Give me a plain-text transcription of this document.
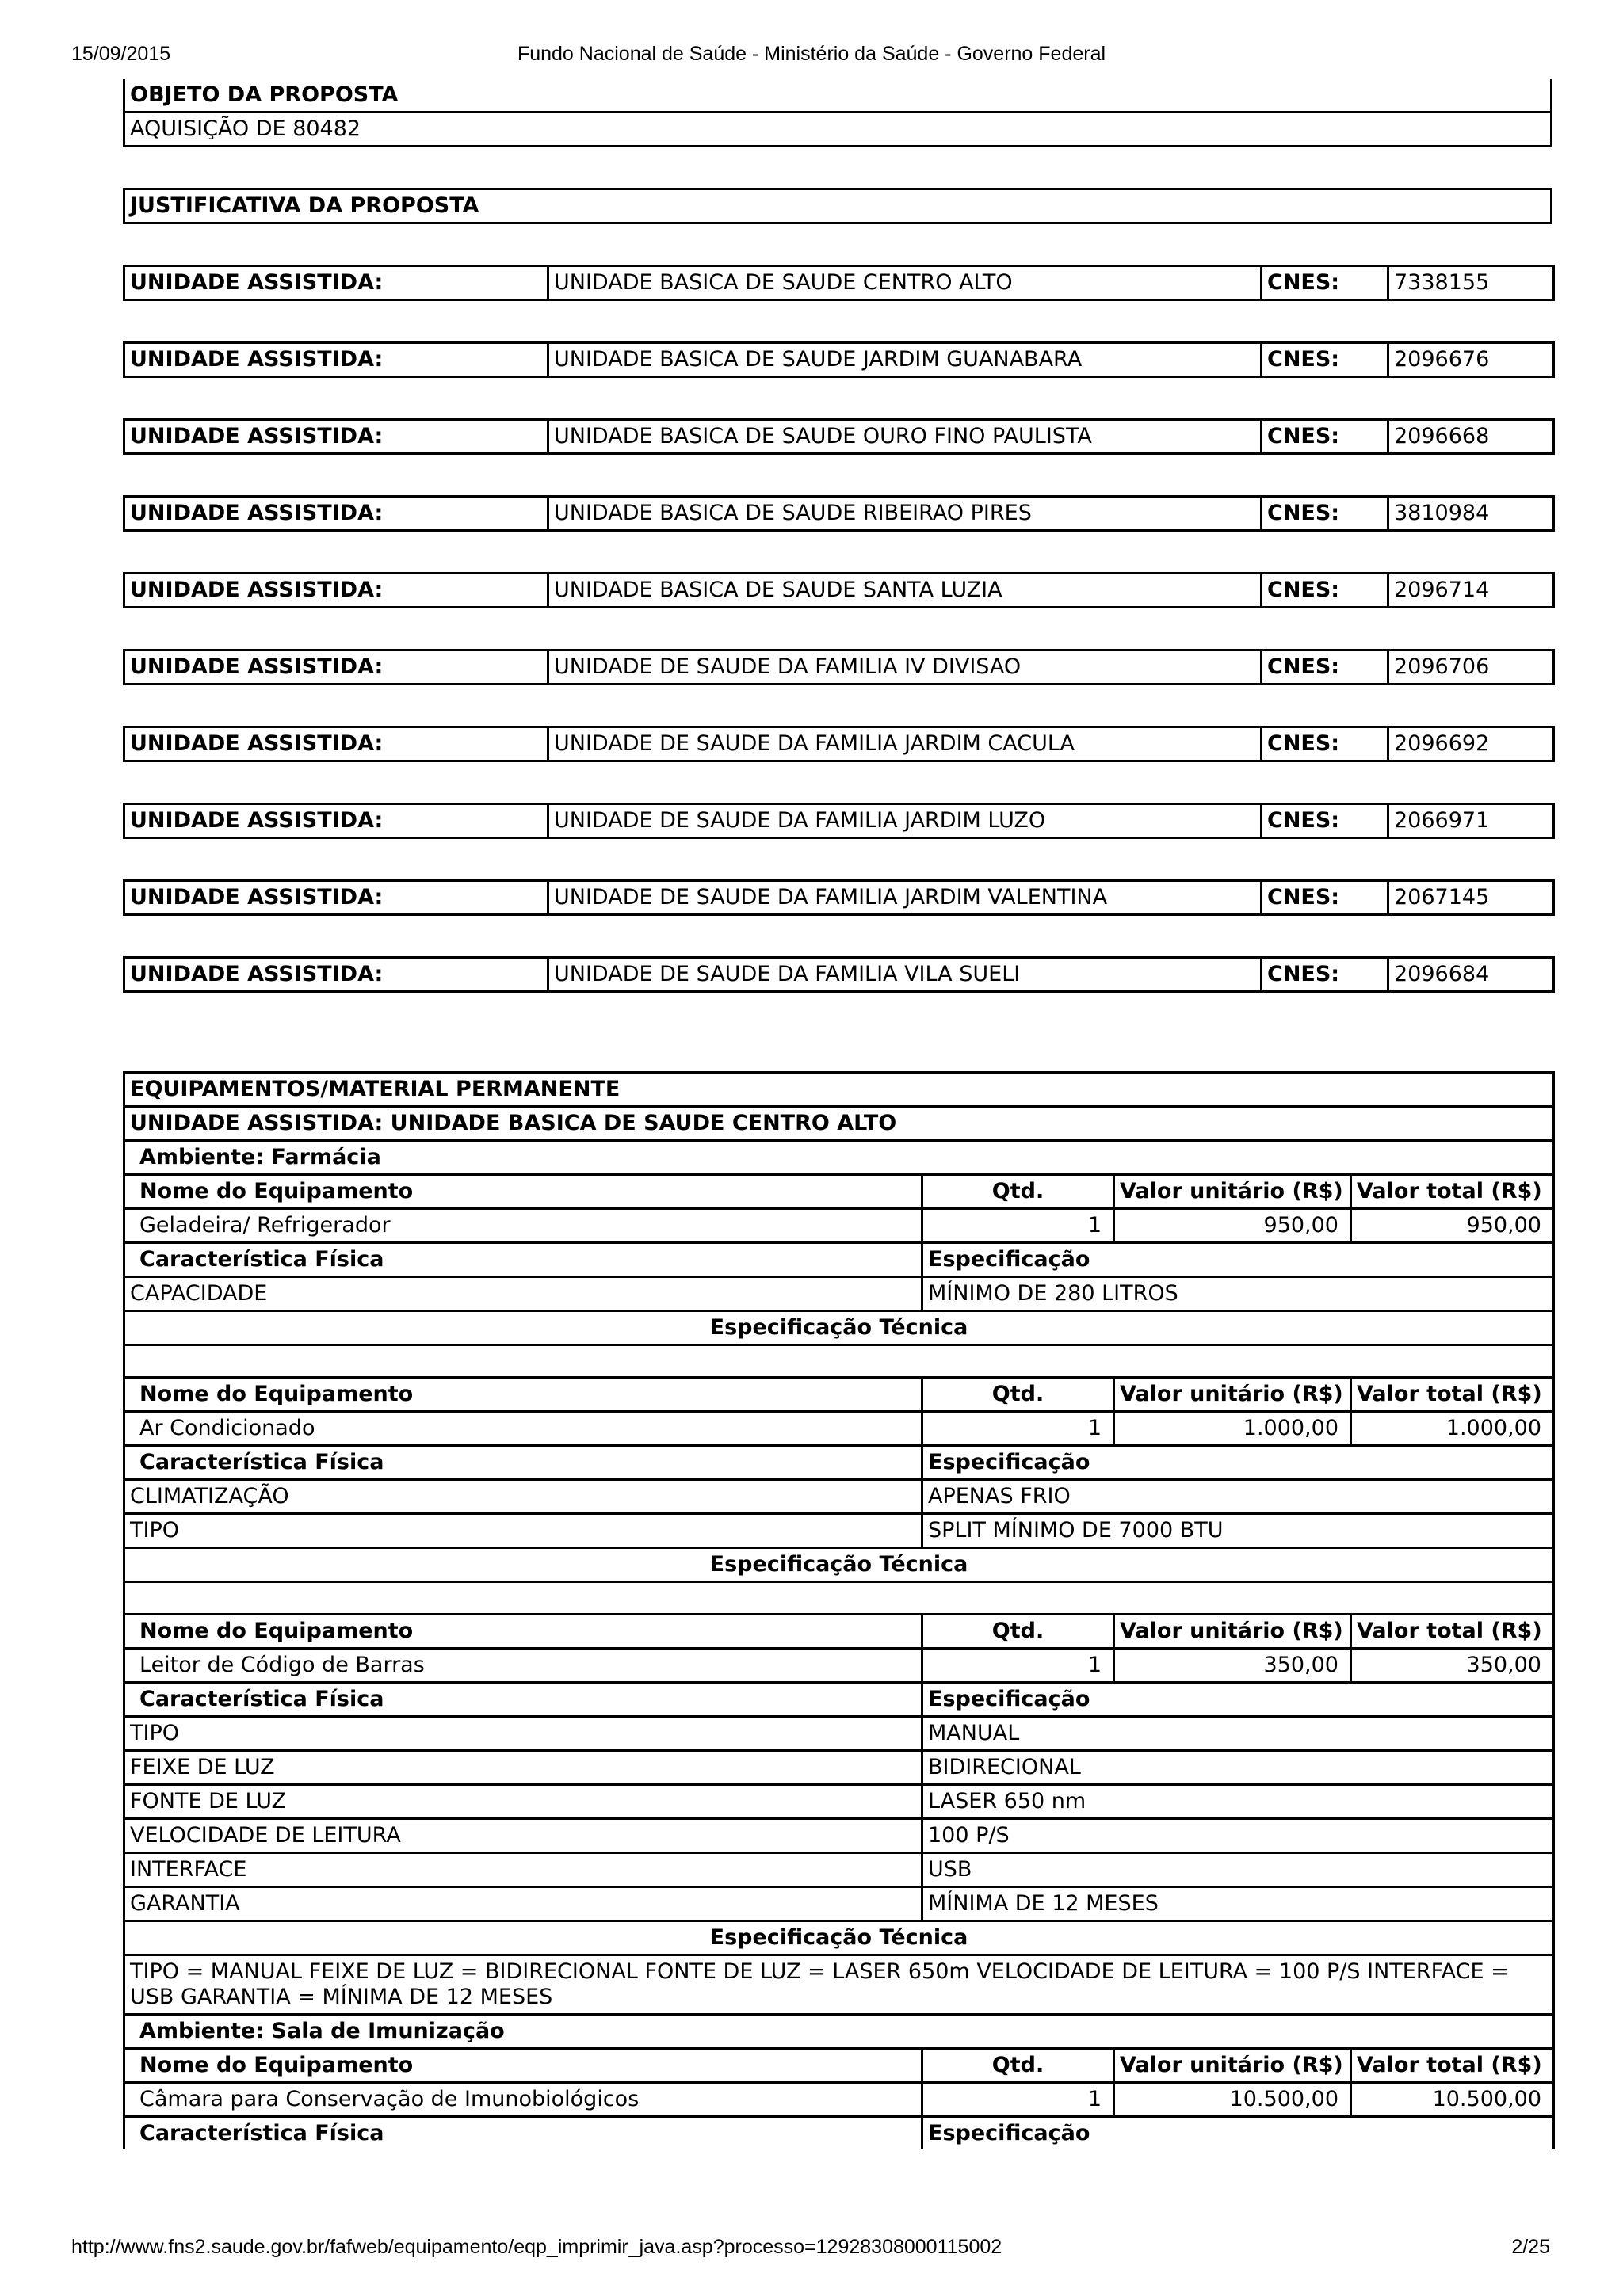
15/09/2015	Fundo Nacional de Saúde - Ministério da Saúde - Governo Federal
OBJETO DA PROPOSTA
AQUISIÇÃO DE 80482
JUSTIFICATIVA DA PROPOSTA
UNIDADE ASSISTIDA:	UNIDADE BASICA DE SAUDE CENTRO ALTO	CNES:	7338155
UNIDADE ASSISTIDA:	UNIDADE BASICA DE SAUDE JARDIM GUANABARA	CNES:	2096676
UNIDADE ASSISTIDA:	UNIDADE BASICA DE SAUDE OURO FINO PAULISTA	CNES:	2096668
UNIDADE ASSISTIDA:	UNIDADE BASICA DE SAUDE RIBEIRAO PIRES	CNES:	3810984
UNIDADE ASSISTIDA:	UNIDADE BASICA DE SAUDE SANTA LUZIA	CNES:	2096714
UNIDADE ASSISTIDA:	UNIDADE DE SAUDE DA FAMILIA IV DIVISAO	CNES:	2096706
UNIDADE ASSISTIDA:	UNIDADE DE SAUDE DA FAMILIA JARDIM CACULA	CNES:	2096692
UNIDADE ASSISTIDA:	UNIDADE DE SAUDE DA FAMILIA JARDIM LUZO	CNES:	2066971
UNIDADE ASSISTIDA:	UNIDADE DE SAUDE DA FAMILIA JARDIM VALENTINA	CNES:	2067145
UNIDADE ASSISTIDA:	UNIDADE DE SAUDE DA FAMILIA VILA SUELI	CNES:	2096684
EQUIPAMENTOS/MATERIAL PERMANENTE			
UNIDADE ASSISTIDA: UNIDADE BASICA DE SAUDE CENTRO ALTO			
Ambiente: Farmácia			
Nome do Equipamento	Qtd.	Valor unitário (R$)	Valor total (R$)
Geladeira/ Refrigerador	1	950,00	950,00
Característica Física	Especificação		
CAPACIDADE	MÍNIMO DE 280 LITROS		
Especificação Técnica			

Nome do Equipamento	Qtd.	Valor unitário (R$)	Valor total (R$)
Ar Condicionado	1	1.000,00	1.000,00
Característica Física	Especificação		
CLIMATIZAÇÃO	APENAS FRIO		
TIPO	SPLIT MÍNIMO DE 7000 BTU		
Especificação Técnica			

Nome do Equipamento	Qtd.	Valor unitário (R$)	Valor total (R$)
Leitor de Código de Barras	1	350,00	350,00
Característica Física	Especificação		
TIPO	MANUAL		
FEIXE DE LUZ	BIDIRECIONAL		
FONTE DE LUZ	LASER 650 nm		
VELOCIDADE DE LEITURA	100 P/S		
INTERFACE	USB		
GARANTIA	MÍNIMA DE 12 MESES		
Especificação Técnica			
TIPO = MANUAL FEIXE DE LUZ = BIDIRECIONAL FONTE DE LUZ = LASER 650m VELOCIDADE DE LEITURA = 100 P/S INTERFACE = USB GARANTIA = MÍNIMA DE 12 MESES			
Ambiente: Sala de Imunização			
Nome do Equipamento	Qtd.	Valor unitário (R$)	Valor total (R$)
Câmara para Conservação de Imunobiológicos	1	10.500,00	10.500,00
Característica Física	Especificação		
http://www.fns2.saude.gov.br/fafweb/equipamento/eqp_imprimir_java.asp?processo=12928308000115002	2/25
